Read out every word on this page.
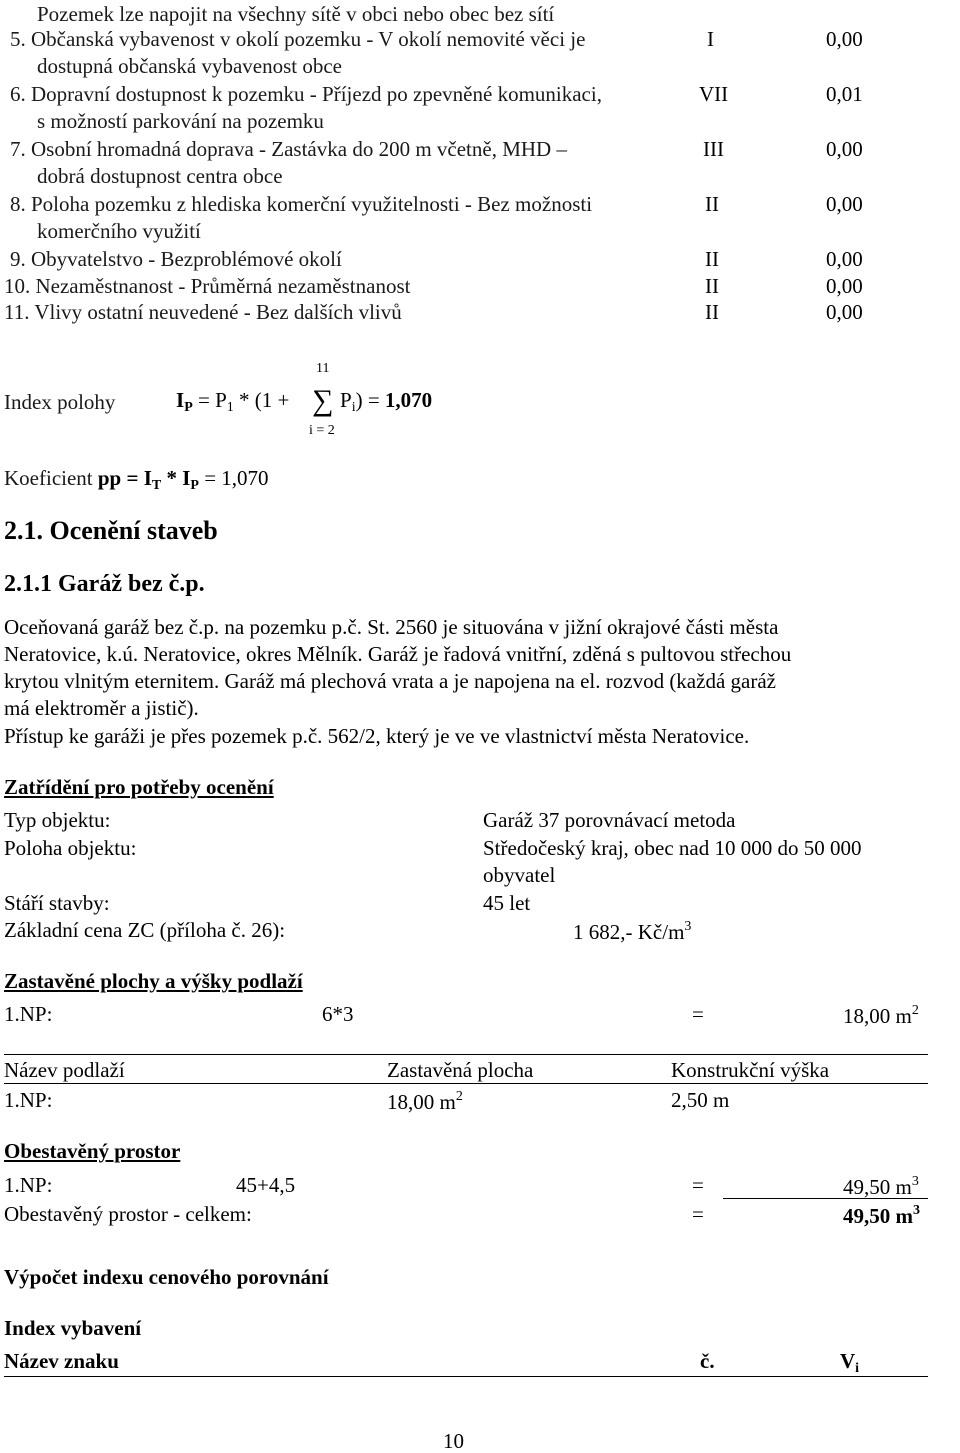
Pozemek lze napojit na všechny sítě v obci nebo obec bez sítí
5. Občanská vybavenost v okolí pozemku - V okolí nemovité věci je
dostupná občanská vybavenost obce
I	0,00
6. Dopravní dostupnost k pozemku - Příjezd po zpevněné komunikaci,
s možností parkování na pozemku
VII	0,01
7. Osobní hromadná doprava - Zastávka do 200 m včetně, MHD –
dobrá dostupnost centra obce
III	0,00
8. Poloha pozemku z hlediska komerční využitelnosti - Bez možnosti
komerčního využití
II	0,00
9. Obyvatelstvo - Bezproblémové okolí	II	0,00
10. Nezaměstnanost - Průměrná nezaměstnanost	II	0,00
11. Vlivy ostatní neuvedené - Bez dalších vlivů	II	0,00
11
Index polohy	$I_P = P_1 * (1$ + ∑ $P_i) = 1,070$
i = 2
Koeficient pp = $I_T * I_P = 1,070$
2.1. Ocenění staveb
2.1.1 Garáž bez č.p.
Oceňovaná garáž bez č.p. na pozemku p.č. St. 2560 je situována v jižní okrajové části města
Neratovice, k.ú. Neratovice, okres Mělník. Garáž je řadová vnitřní, zděná s pultovou střechou
krytou vlnitým eternitem. Garáž má plechová vrata a je napojena na el. rozvod (každá garáž
má elektroměr a jistič).
Přístup ke garáži je přes pozemek p.č. 562/2, který je ve ve vlastnictví města Neratovice.
Zatřídění pro potřeby ocenění
Typ objektu:	Garáž 37 porovnávací metoda
Poloha objektu:	Středočeský kraj, obec nad 10 000 do 50 000
obyvatel
Stáří stavby:	45 let
Základní cena ZC (příloha č. 26):	1 682,- $Kč/m^3$
Zastavěné plochy a výšky podlaží
1.NP:	6*3	=	18,00 $m^2$
Název podlaží	Zastavěná plocha	Konstrukční výška
1.NP:	18,00 $m^2$	2,50 m
Obestavěný prostor
1.NP:	45+4,5	=	49,50 $m^3$
Obestavěný prostor - celkem:	=	49,50 $m^3$
Výpočet indexu cenového porovnání
Index vybavení
Název znaku	č.	$V_i$
10
